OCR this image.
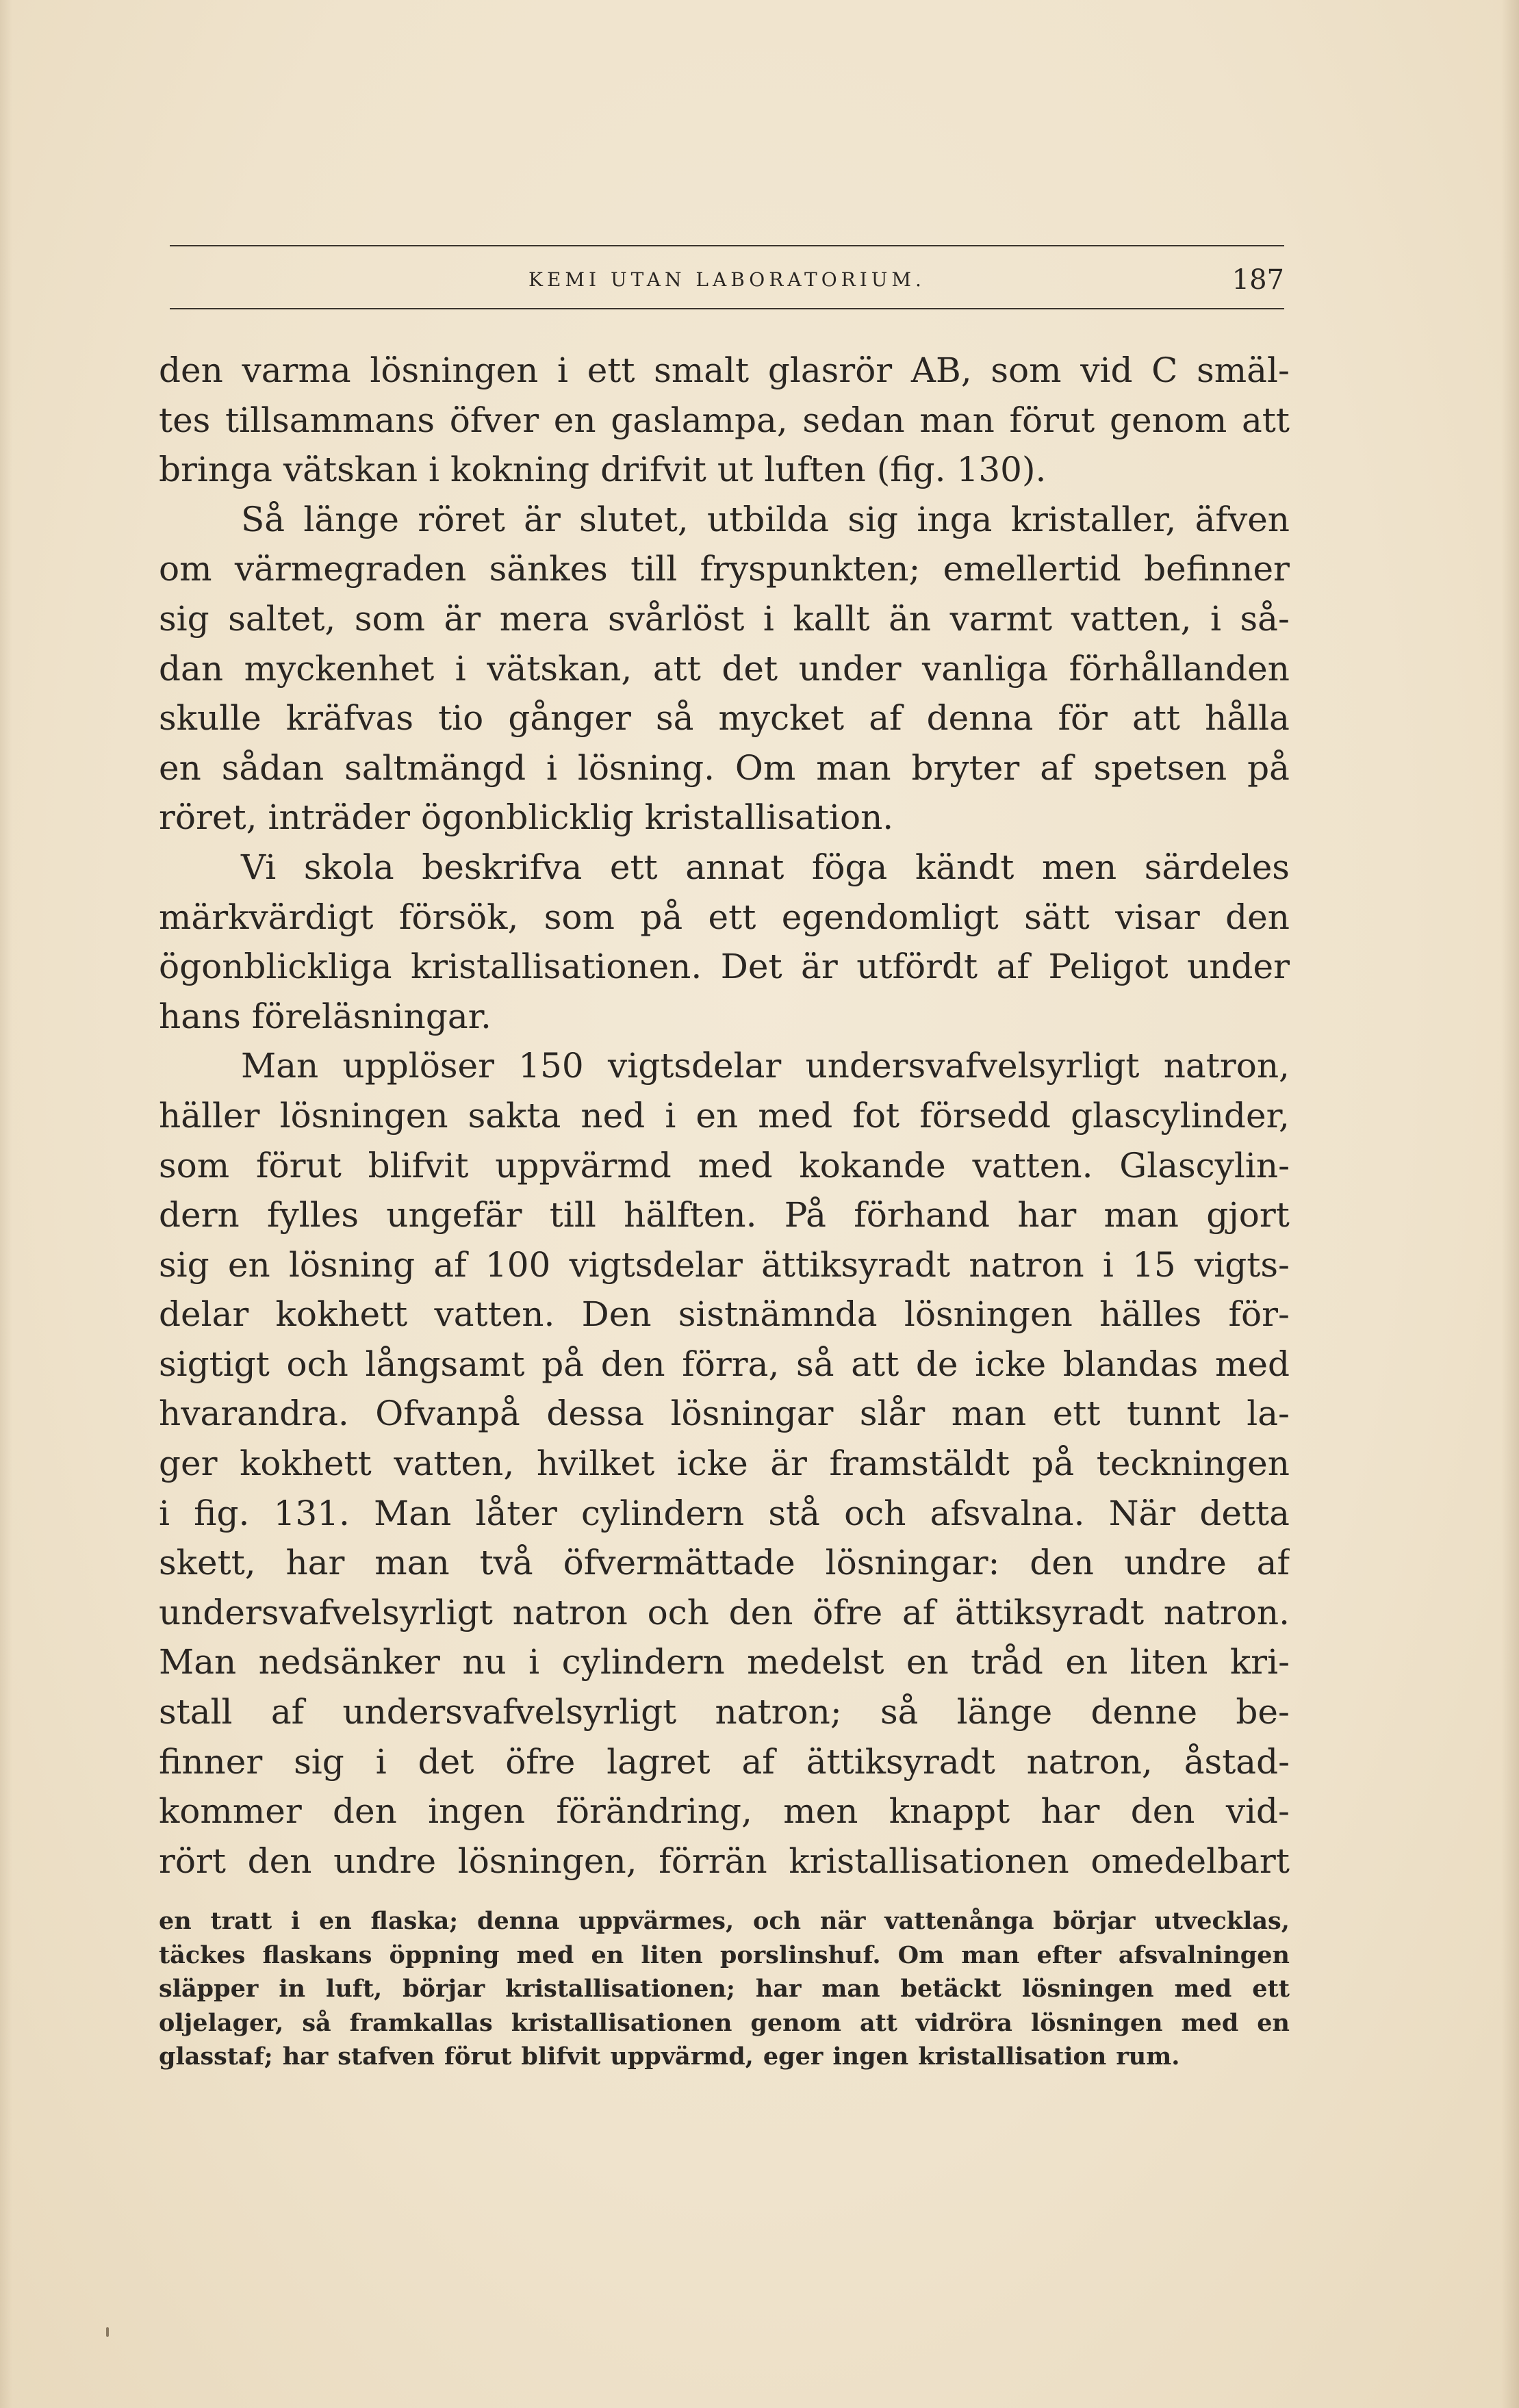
KEMI UTAN LABORATORIUM.	187
den varma lösningen i ett smalt glasrör AB, som vid C smäl-
tes tillsammans öfver en gaslampa, sedan man förut genom att
bringa vätskan i kokning drifvit ut luften (fig. 130).
Så länge röret är slutet, utbilda sig inga kristaller, äfven
om värmegraden sänkes till fryspunkten; emellertid befinner
sig saltet, som är mera svårlöst i kallt än varmt vatten, i så-
dan myckenhet i vätskan, att det under vanliga förhållanden
skulle kräfvas tio gånger så mycket af denna för att hålla
en sådan saltmängd i lösning. Om man bryter af spetsen på
röret, inträder ögonblicklig kristallisation.
Vi skola beskrifva ett annat föga kändt men särdeles
märkvärdigt försök, som på ett egendomligt sätt visar den
ögonblickliga kristallisationen. Det är utfördt af Peligot under
hans föreläsningar.
Man upplöser 150 vigtsdelar undersvafvelsyrligt natron,
häller lösningen sakta ned i en med fot försedd glascylinder,
som förut blifvit uppvärmd med kokande vatten. Glascylin-
dern fylles ungefär till hälften. På förhand har man gjort
sig en lösning af 100 vigtsdelar ättiksyradt natron i 15 vigts-
delar kokhett vatten. Den sistnämnda lösningen hälles för-
sigtigt och långsamt på den förra, så att de icke blandas med
hvarandra. Ofvanpå dessa lösningar slår man ett tunnt la-
ger kokhett vatten, hvilket icke är framstäldt på teckningen
i fig. 131. Man låter cylindern stå och afsvalna. När detta
skett, har man två öfvermättade lösningar: den undre af
undersvafvelsyrligt natron och den öfre af ättiksyradt natron.
Man nedsänker nu i cylindern medelst en tråd en liten kri-
stall af undersvafvelsyrligt natron; så länge denne be-
finner sig i det öfre lagret af ättiksyradt natron, åstad-
kommer den ingen förändring, men knappt har den vid-
rört den undre lösningen, förrän kristallisationen omedelbart
en tratt i en flaska; denna uppvärmes, och när vattenånga börjar utvecklas,
täckes flaskans öppning med en liten porslinshuf. Om man efter afsvalningen
släpper in luft, börjar kristallisationen; har man betäckt lösningen med ett
oljelager, så framkallas kristallisationen genom att vidröra lösningen med en
glasstaf; har stafven förut blifvit uppvärmd, eger ingen kristallisation rum.
